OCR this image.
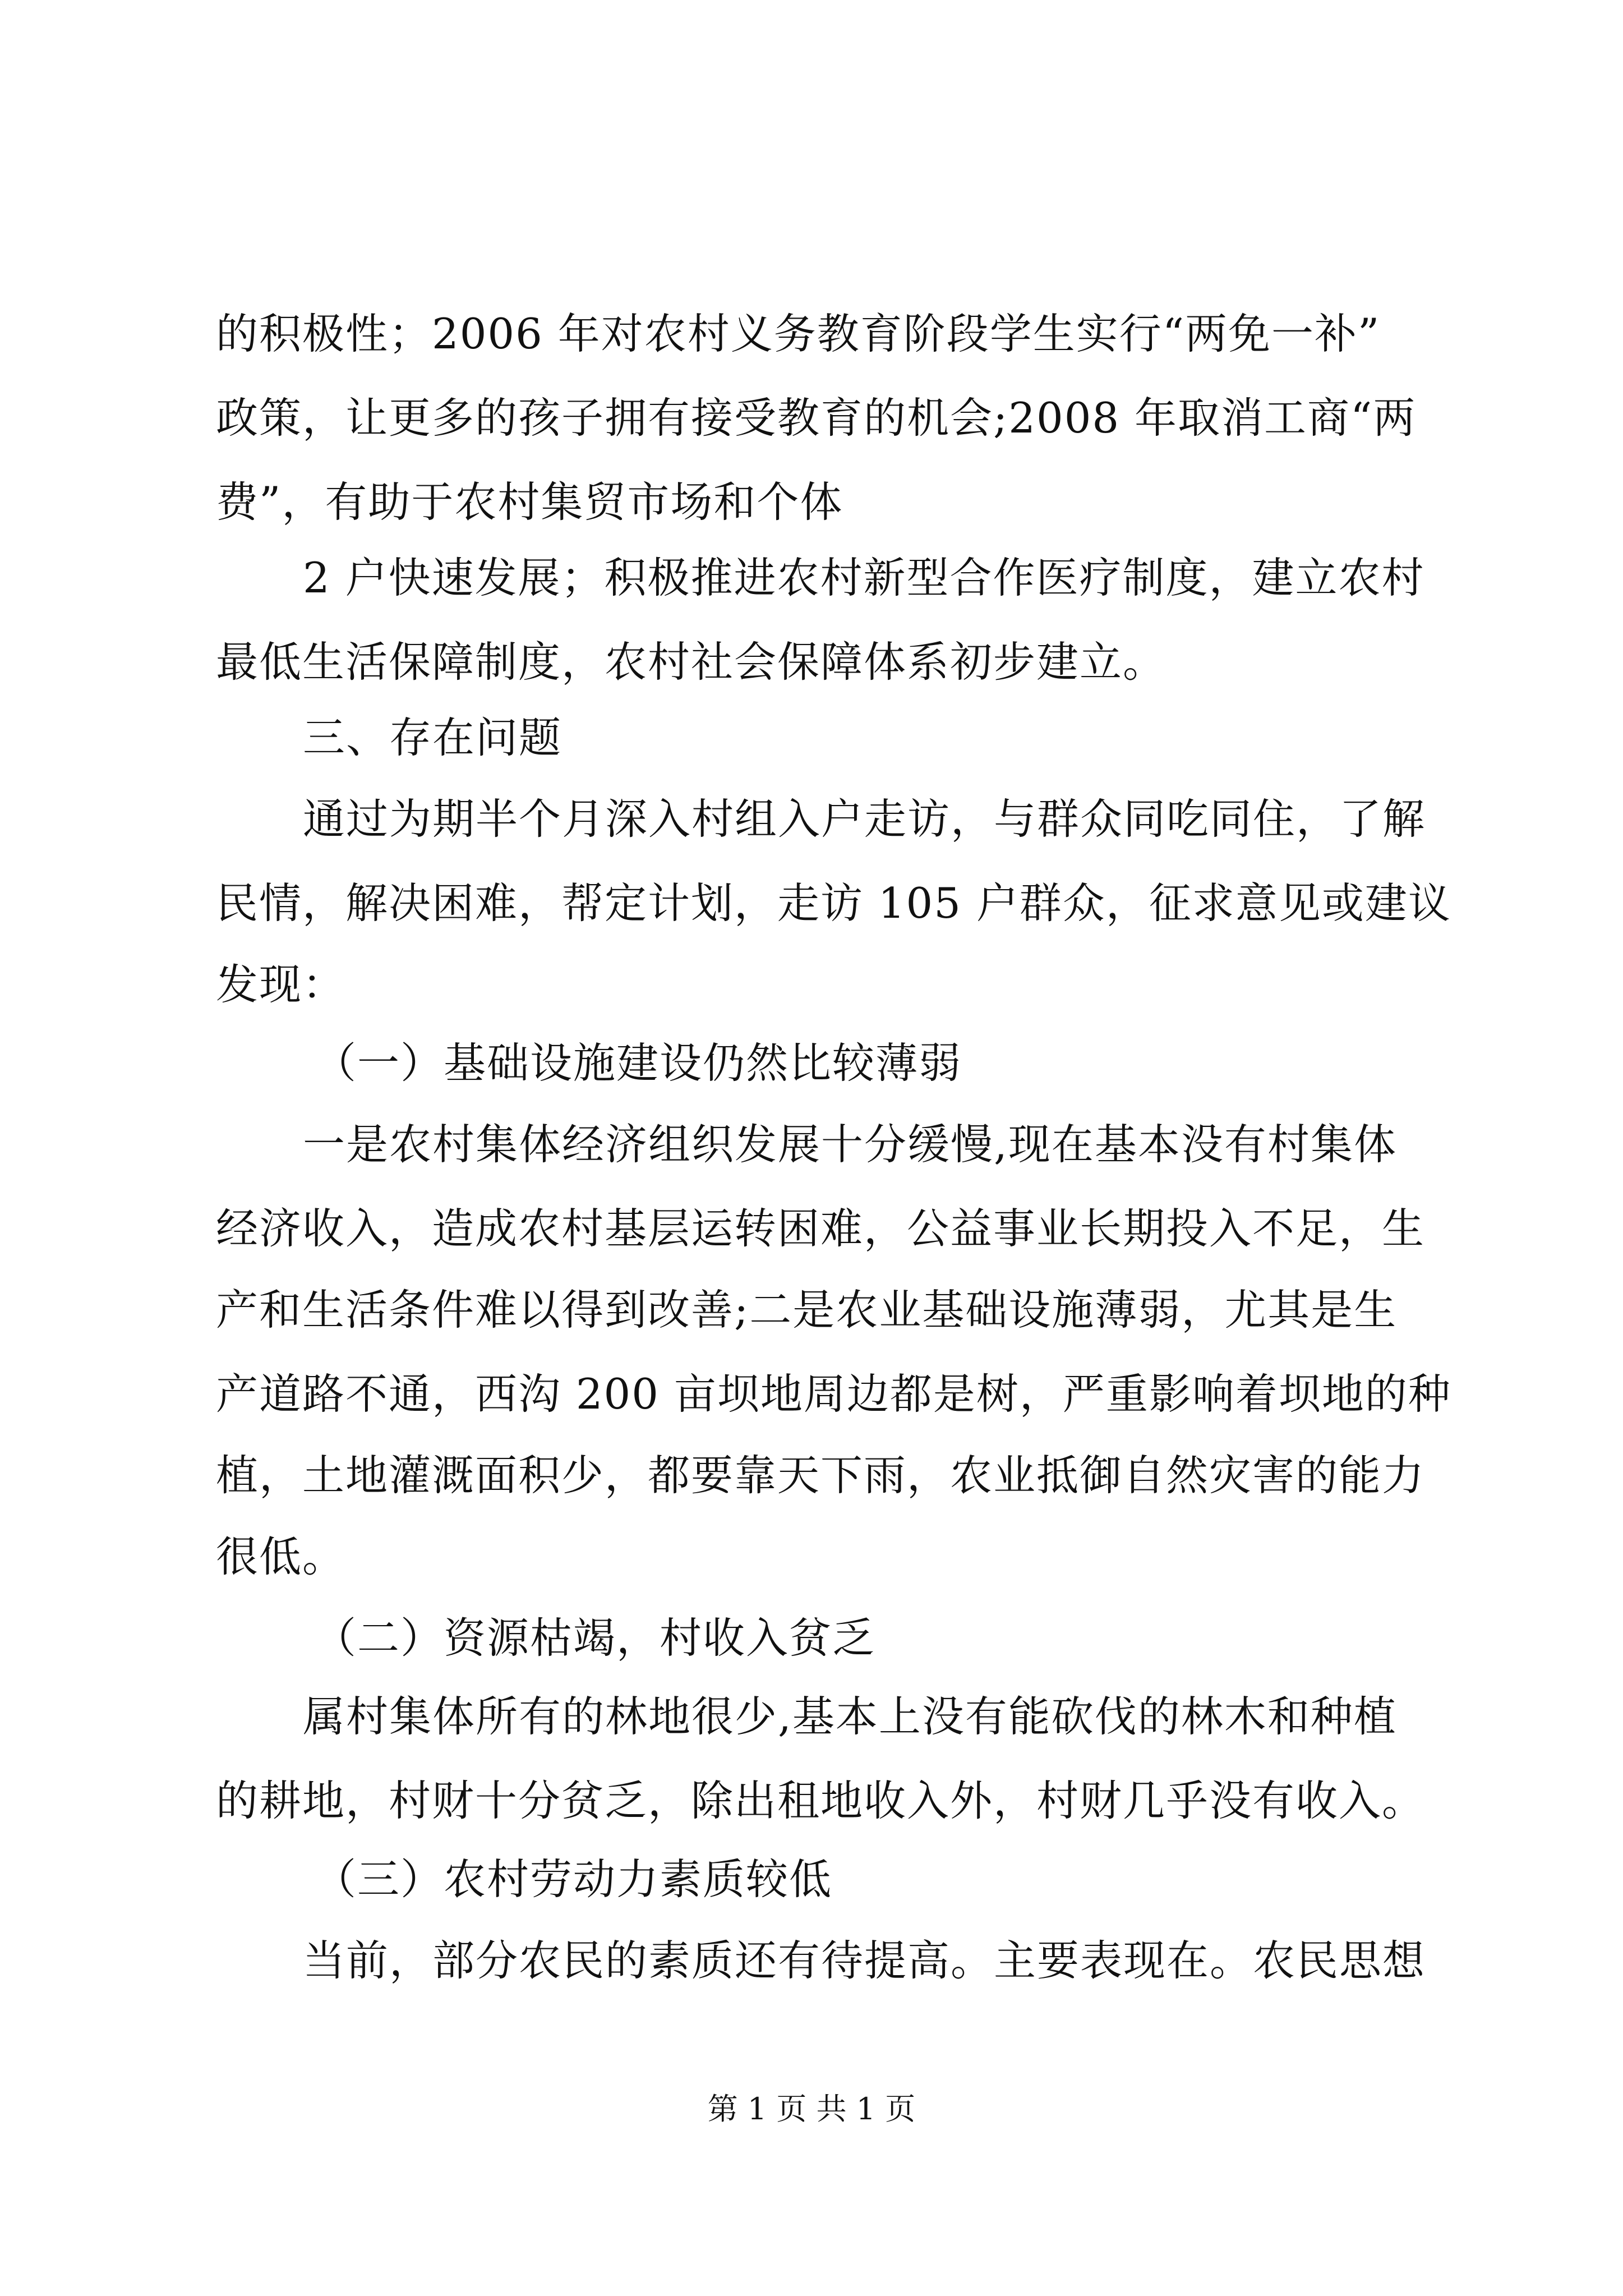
的积极性；2006 年对农村义务教育阶段学生实行“两免一补”
政策，让更多的孩子拥有接受教育的机会;2008 年取消工商“两
费”，有助于农村集贸市场和个体
2 户快速发展；积极推进农村新型合作医疗制度，建立农村
最低生活保障制度，农村社会保障体系初步建立。
三、存在问题
通过为期半个月深入村组入户走访，与群众同吃同住，了解
民情，解决困难，帮定计划，走访 105 户群众，征求意见或建议
发现：
（一）基础设施建设仍然比较薄弱
一是农村集体经济组织发展十分缓慢,现在基本没有村集体
经济收入，造成农村基层运转困难，公益事业长期投入不足，生
产和生活条件难以得到改善;二是农业基础设施薄弱，尤其是生
产道路不通，西沟 200 亩坝地周边都是树，严重影响着坝地的种
植，土地灌溉面积少，都要靠天下雨，农业抵御自然灾害的能力
很低。
（二）资源枯竭，村收入贫乏
属村集体所有的林地很少,基本上没有能砍伐的林木和种植
的耕地，村财十分贫乏，除出租地收入外，村财几乎没有收入。
（三）农村劳动力素质较低
当前，部分农民的素质还有待提高。主要表现在。农民思想
第 1 页 共 1 页
